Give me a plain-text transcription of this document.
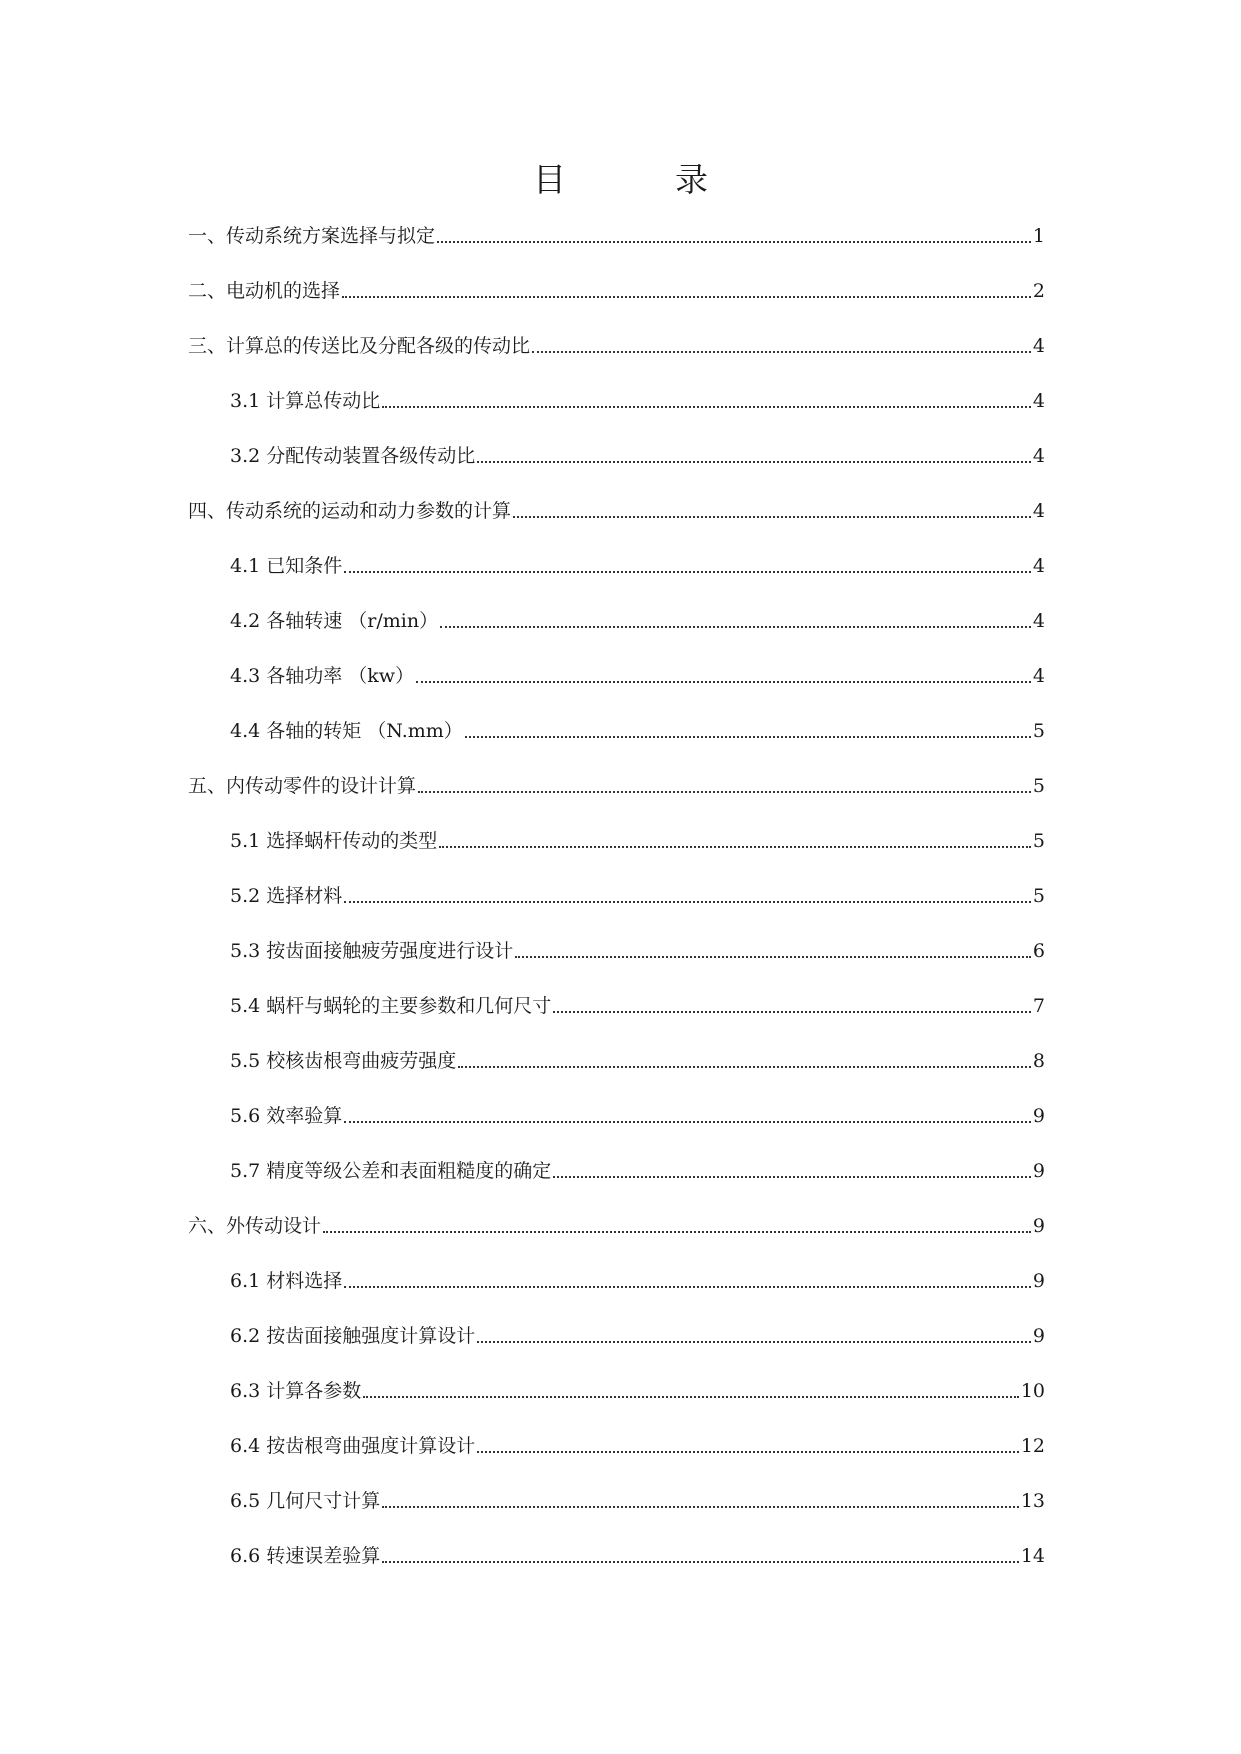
目　录
一、传动系统方案选择与拟定	1
二、电动机的选择	2
三、计算总的传送比及分配各级的传动比	4
3.1 计算总传动比	4
3.2 分配传动装置各级传动比	4
四、传动系统的运动和动力参数的计算	4
4.1 已知条件	4
4.2 各轴转速 （r/min）	4
4.3 各轴功率 （kw）	4
4.4 各轴的转矩 （N.mm）	5
五、内传动零件的设计计算	5
5.1 选择蜗杆传动的类型	5
5.2 选择材料	5
5.3 按齿面接触疲劳强度进行设计	6
5.4 蜗杆与蜗轮的主要参数和几何尺寸	7
5.5 校核齿根弯曲疲劳强度	8
5.6 效率验算	9
5.7 精度等级公差和表面粗糙度的确定	9
六、外传动设计	9
6.1 材料选择	9
6.2 按齿面接触强度计算设计	9
6.3 计算各参数	10
6.4 按齿根弯曲强度计算设计	12
6.5 几何尺寸计算	13
6.6 转速误差验算	14
